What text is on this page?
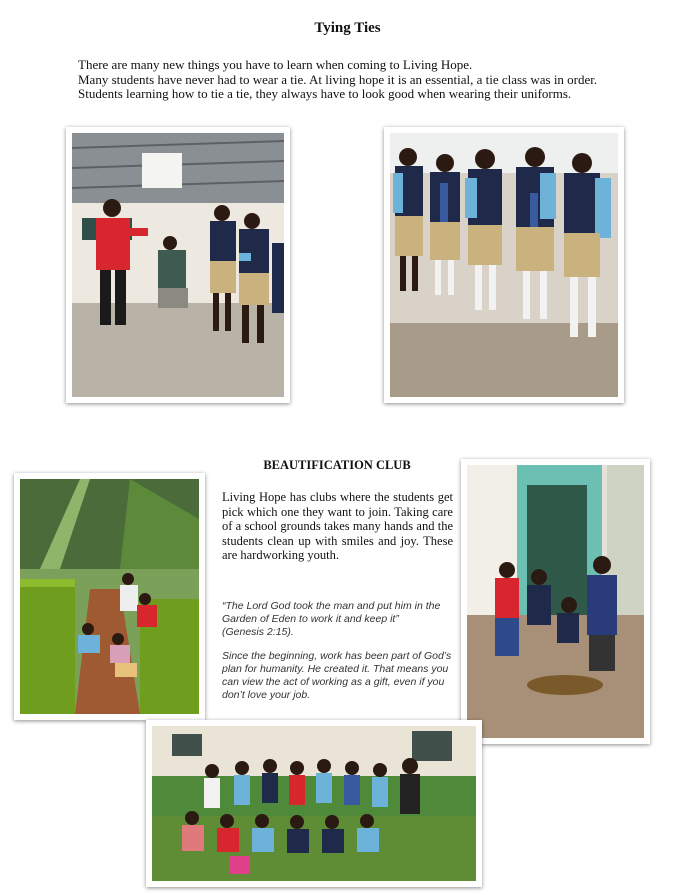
Tying Ties

There are many new things you have to learn when coming to Living Hope.

Many students have never had to wear a tie. At living hope it is an essential, a tie class was in order. Students learning how to tie a tie, they always have to look good when wearing their uniforms.

BEAUTIFICATION CLUB
Living Hope has clubs where the students get pick which one they want to join. Taking care of a school grounds takes many hands and the students clean up with smiles and joy. These are hardworking youth.

“The Lord God took the man and put him in the Garden of Eden to work it and keep it”

(Genesis 2:15).

Since the beginning, work has been part of God’s plan for humanity. He created it. That means you can view the act of working as a gift, even if you don’t love your job.
